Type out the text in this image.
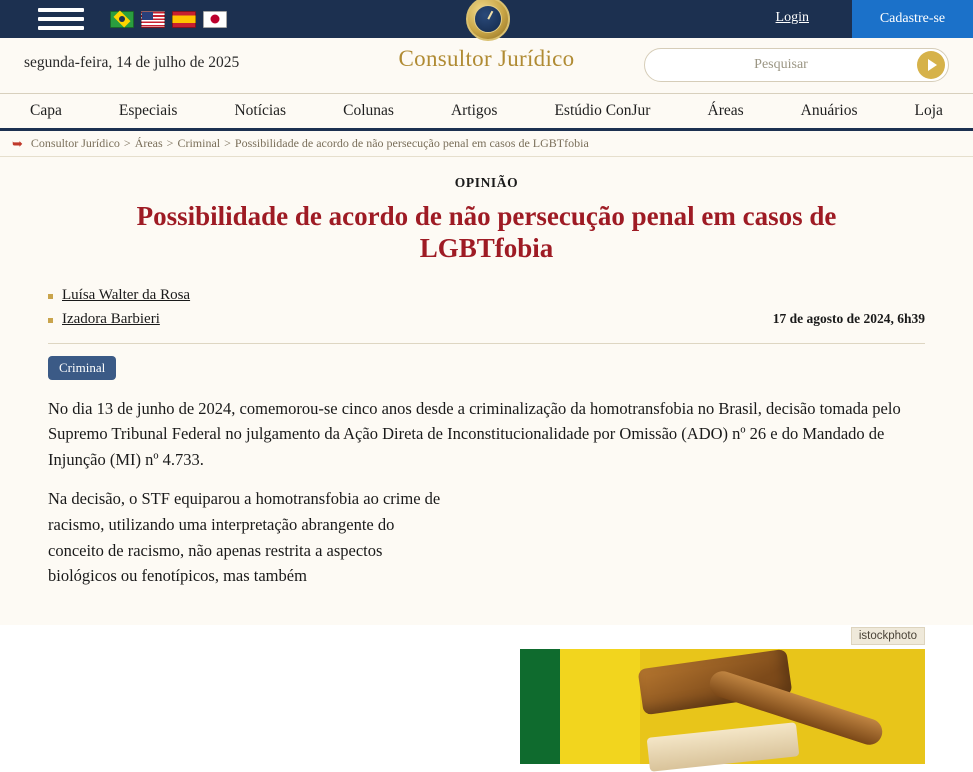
Login	Cadastre-se
segunda-feira, 14 de julho de 2025	Consultor Jurídico
Pesquisar
Capa	Especiais	Notícias	Colunas	Artigos	Estúdio ConJur	Áreas	Anuários	Loja
➥ Consultor Jurídico > Áreas > Criminal > Possibilidade de acordo de não persecução penal em casos de LGBTfobia
OPINIÃO
Possibilidade de acordo de não persecução penal em casos de LGBTfobia
Luísa Walter da Rosa
Izadora Barbieri	17 de agosto de 2024, 6h39
Criminal

No dia 13 de junho de 2024, comemorou-se cinco anos desde a criminalização da homotransfobia no Brasil, decisão tomada pelo Supremo Tribunal Federal no julgamento da Ação Direta de Inconstitucionalidade por Omissão (ADO) nº 26 e do Mandado de Injunção (MI) nº 4.733.

Na decisão, o STF equiparou a homotransfobia ao crime de racismo, utilizando uma interpretação abrangente do conceito de racismo, não apenas restrita a aspectos biológicos ou fenotípicos, mas também

istockphoto
